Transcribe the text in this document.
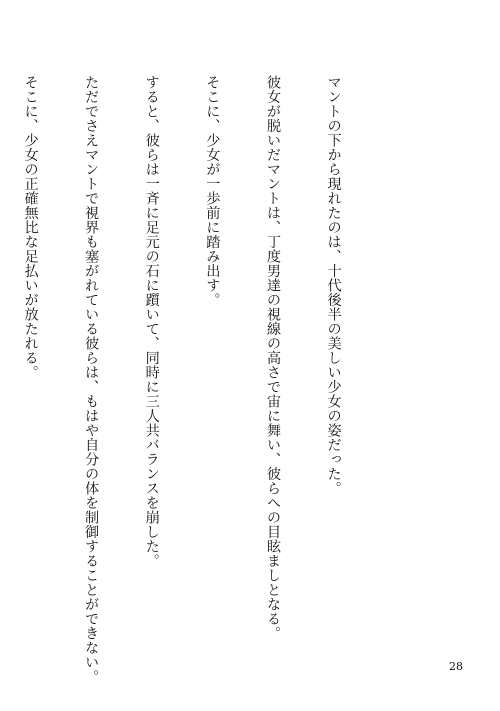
マントの下から現れたのは、十代後半の美しい少女の姿だった。

彼女が脱いだマントは、丁度男達の視線の高さで宙に舞い、彼らへの目眩ましとなる。

そこに、少女が一歩前に踏み出す。

すると、彼らは一斉に足元の石に躓いて、同時に三人共バランスを崩した。

ただでさえマントで視界も塞がれている彼らは、もはや自分の体を制御することができない。

そこに、少女の正確無比な足払いが放たれる。

28
